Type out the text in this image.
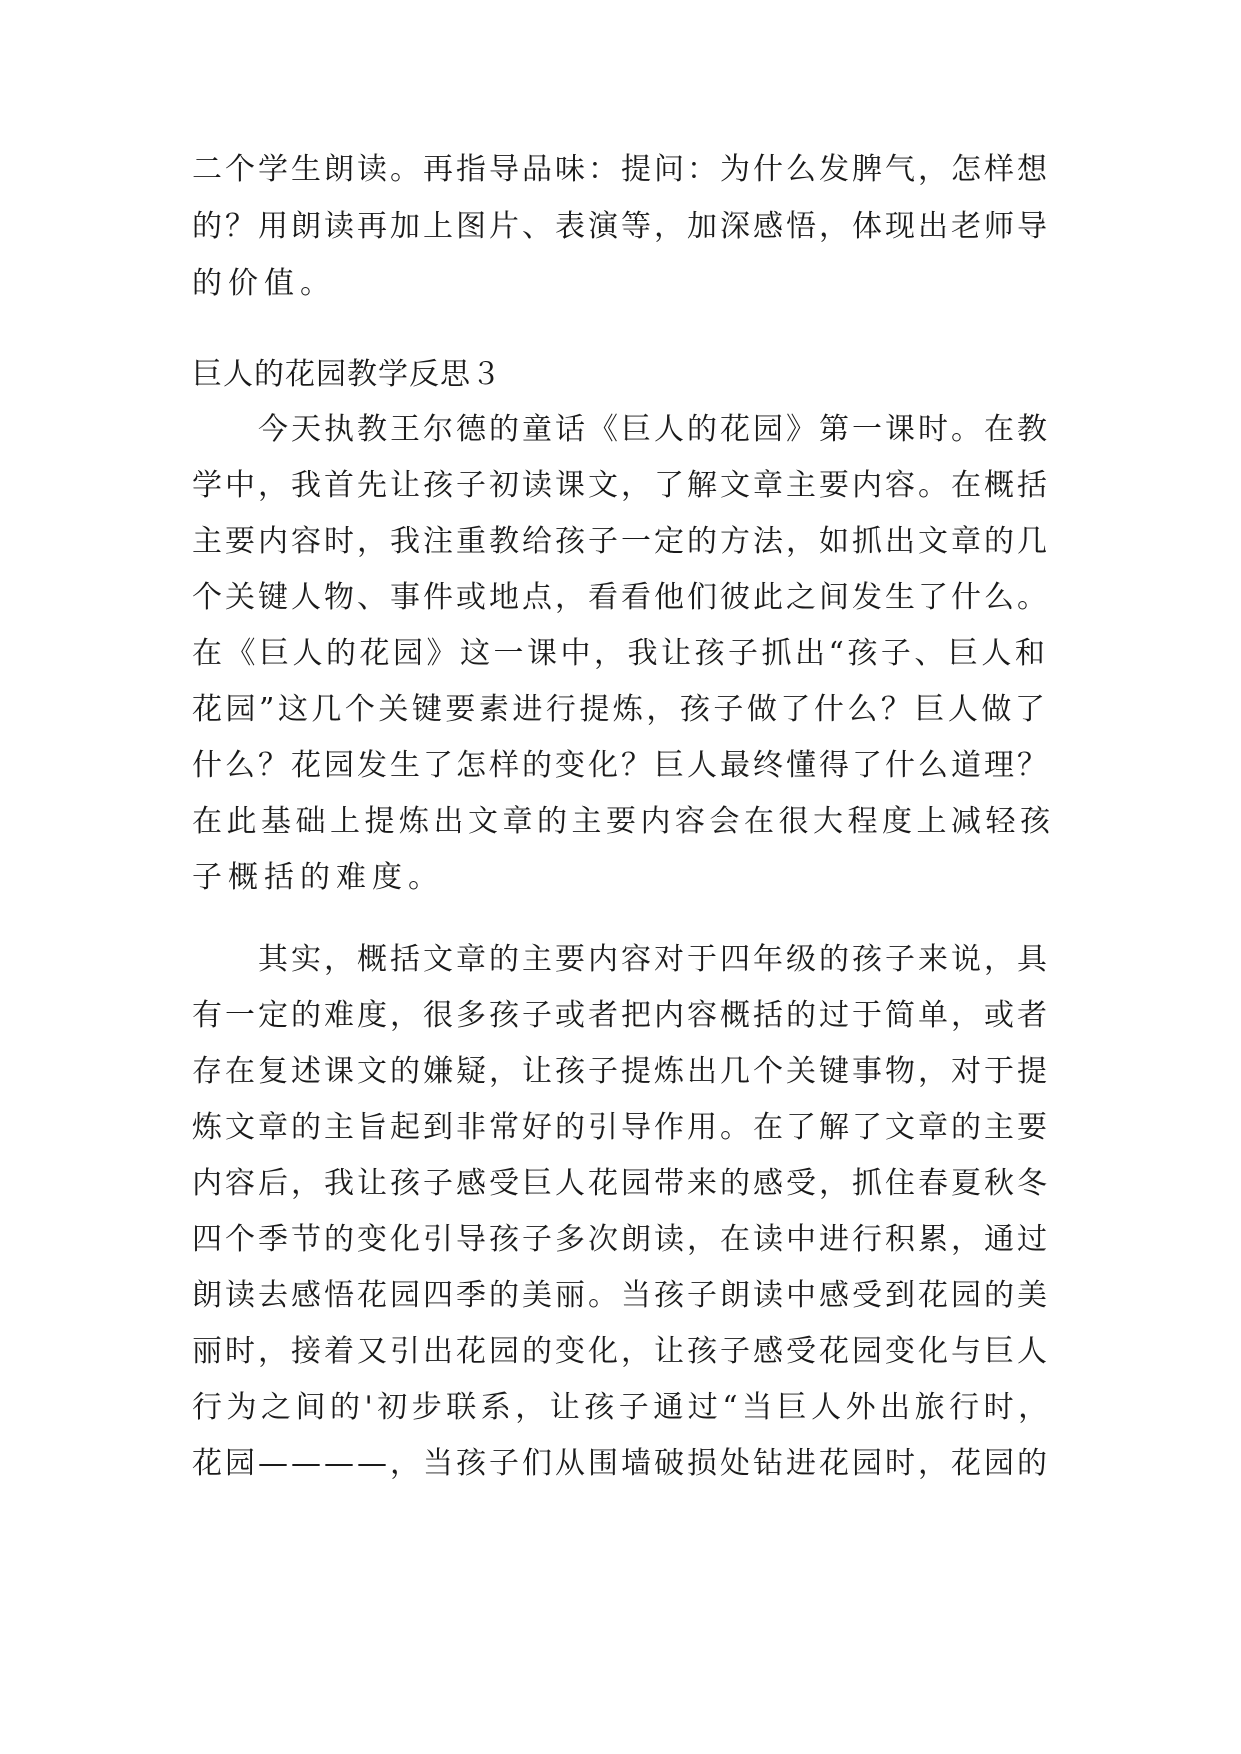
二个学生朗读。再指导品味：提问：为什么发脾气，怎样想
的？用朗读再加上图片、表演等，加深感悟，体现出老师导
的价值。
巨人的花园教学反思３
　　今天执教王尔德的童话《巨人的花园》第一课时。在教
学中，我首先让孩子初读课文，了解文章主要内容。在概括
主要内容时，我注重教给孩子一定的方法，如抓出文章的几
个关键人物、事件或地点，看看他们彼此之间发生了什么。
在《巨人的花园》这一课中，我让孩子抓出“孩子、巨人和
花园”这几个关键要素进行提炼，孩子做了什么？巨人做了
什么？花园发生了怎样的变化？巨人最终懂得了什么道理？
在此基础上提炼出文章的主要内容会在很大程度上减轻孩
子概括的难度。
　　其实，概括文章的主要内容对于四年级的孩子来说，具
有一定的难度，很多孩子或者把内容概括的过于简单，或者
存在复述课文的嫌疑，让孩子提炼出几个关键事物，对于提
炼文章的主旨起到非常好的引导作用。在了解了文章的主要
内容后，我让孩子感受巨人花园带来的感受，抓住春夏秋冬
四个季节的变化引导孩子多次朗读，在读中进行积累，通过
朗读去感悟花园四季的美丽。当孩子朗读中感受到花园的美
丽时，接着又引出花园的变化，让孩子感受花园变化与巨人
行为之间的'初步联系，让孩子通过“当巨人外出旅行时，
花园————，当孩子们从围墙破损处钻进花园时，花园的
